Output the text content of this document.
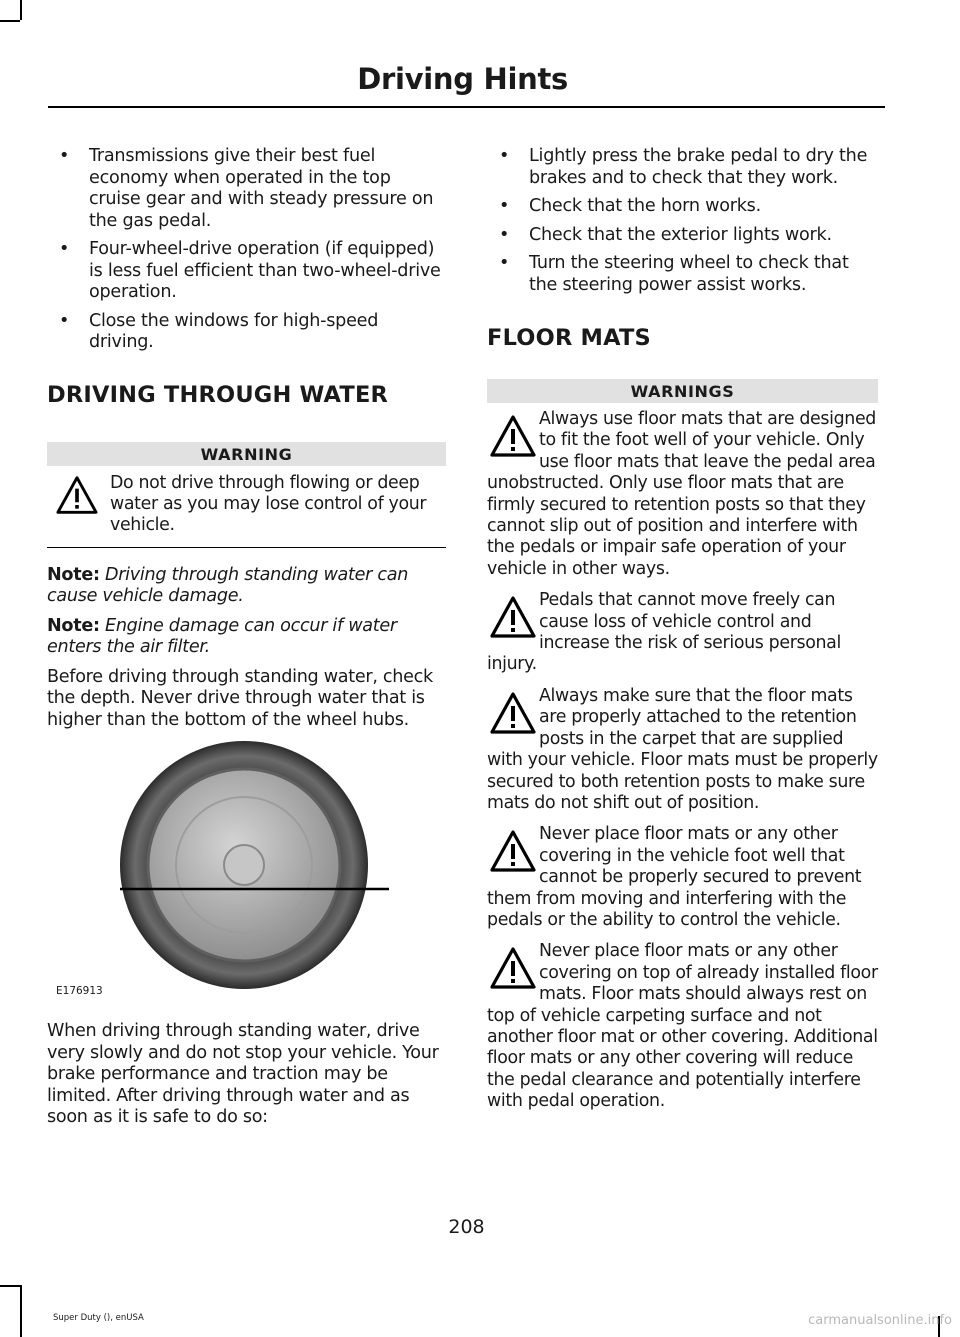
Driving Hints
• Transmissions give their best fuel economy when operated in the top cruise gear and with steady pressure on the gas pedal.
• Four-wheel-drive operation (if equipped) is less fuel efficient than two-wheel-drive operation.
• Close the windows for high-speed driving.
DRIVING THROUGH WATER
WARNING
Do not drive through flowing or deep water as you may lose control of your vehicle.

Note: Driving through standing water can cause vehicle damage.

Note: Engine damage can occur if water enters the air filter.

Before driving through standing water, check the depth. Never drive through water that is higher than the bottom of the wheel hubs.

E176913

When driving through standing water, drive very slowly and do not stop your vehicle. Your brake performance and traction may be limited. After driving through water and as soon as it is safe to do so:

• Lightly press the brake pedal to dry the brakes and to check that they work.
• Check that the horn works.
• Check that the exterior lights work.
• Turn the steering wheel to check that the steering power assist works.
FLOOR MATS
WARNINGS
Always use floor mats that are designed to fit the foot well of your vehicle. Only use floor mats that leave the pedal area unobstructed. Only use floor mats that are firmly secured to retention posts so that they cannot slip out of position and interfere with the pedals or impair safe operation of your vehicle in other ways.
Pedals that cannot move freely can cause loss of vehicle control and increase the risk of serious personal injury.
Always make sure that the floor mats are properly attached to the retention posts in the carpet that are supplied with your vehicle. Floor mats must be properly secured to both retention posts to make sure mats do not shift out of position.
Never place floor mats or any other covering in the vehicle foot well that cannot be properly secured to prevent them from moving and interfering with the pedals or the ability to control the vehicle.
Never place floor mats or any other covering on top of already installed floor mats. Floor mats should always rest on top of vehicle carpeting surface and not another floor mat or other covering. Additional floor mats or any other covering will reduce the pedal clearance and potentially interfere with pedal operation.
208
Super Duty (), enUSA	carmanualsonline.info
